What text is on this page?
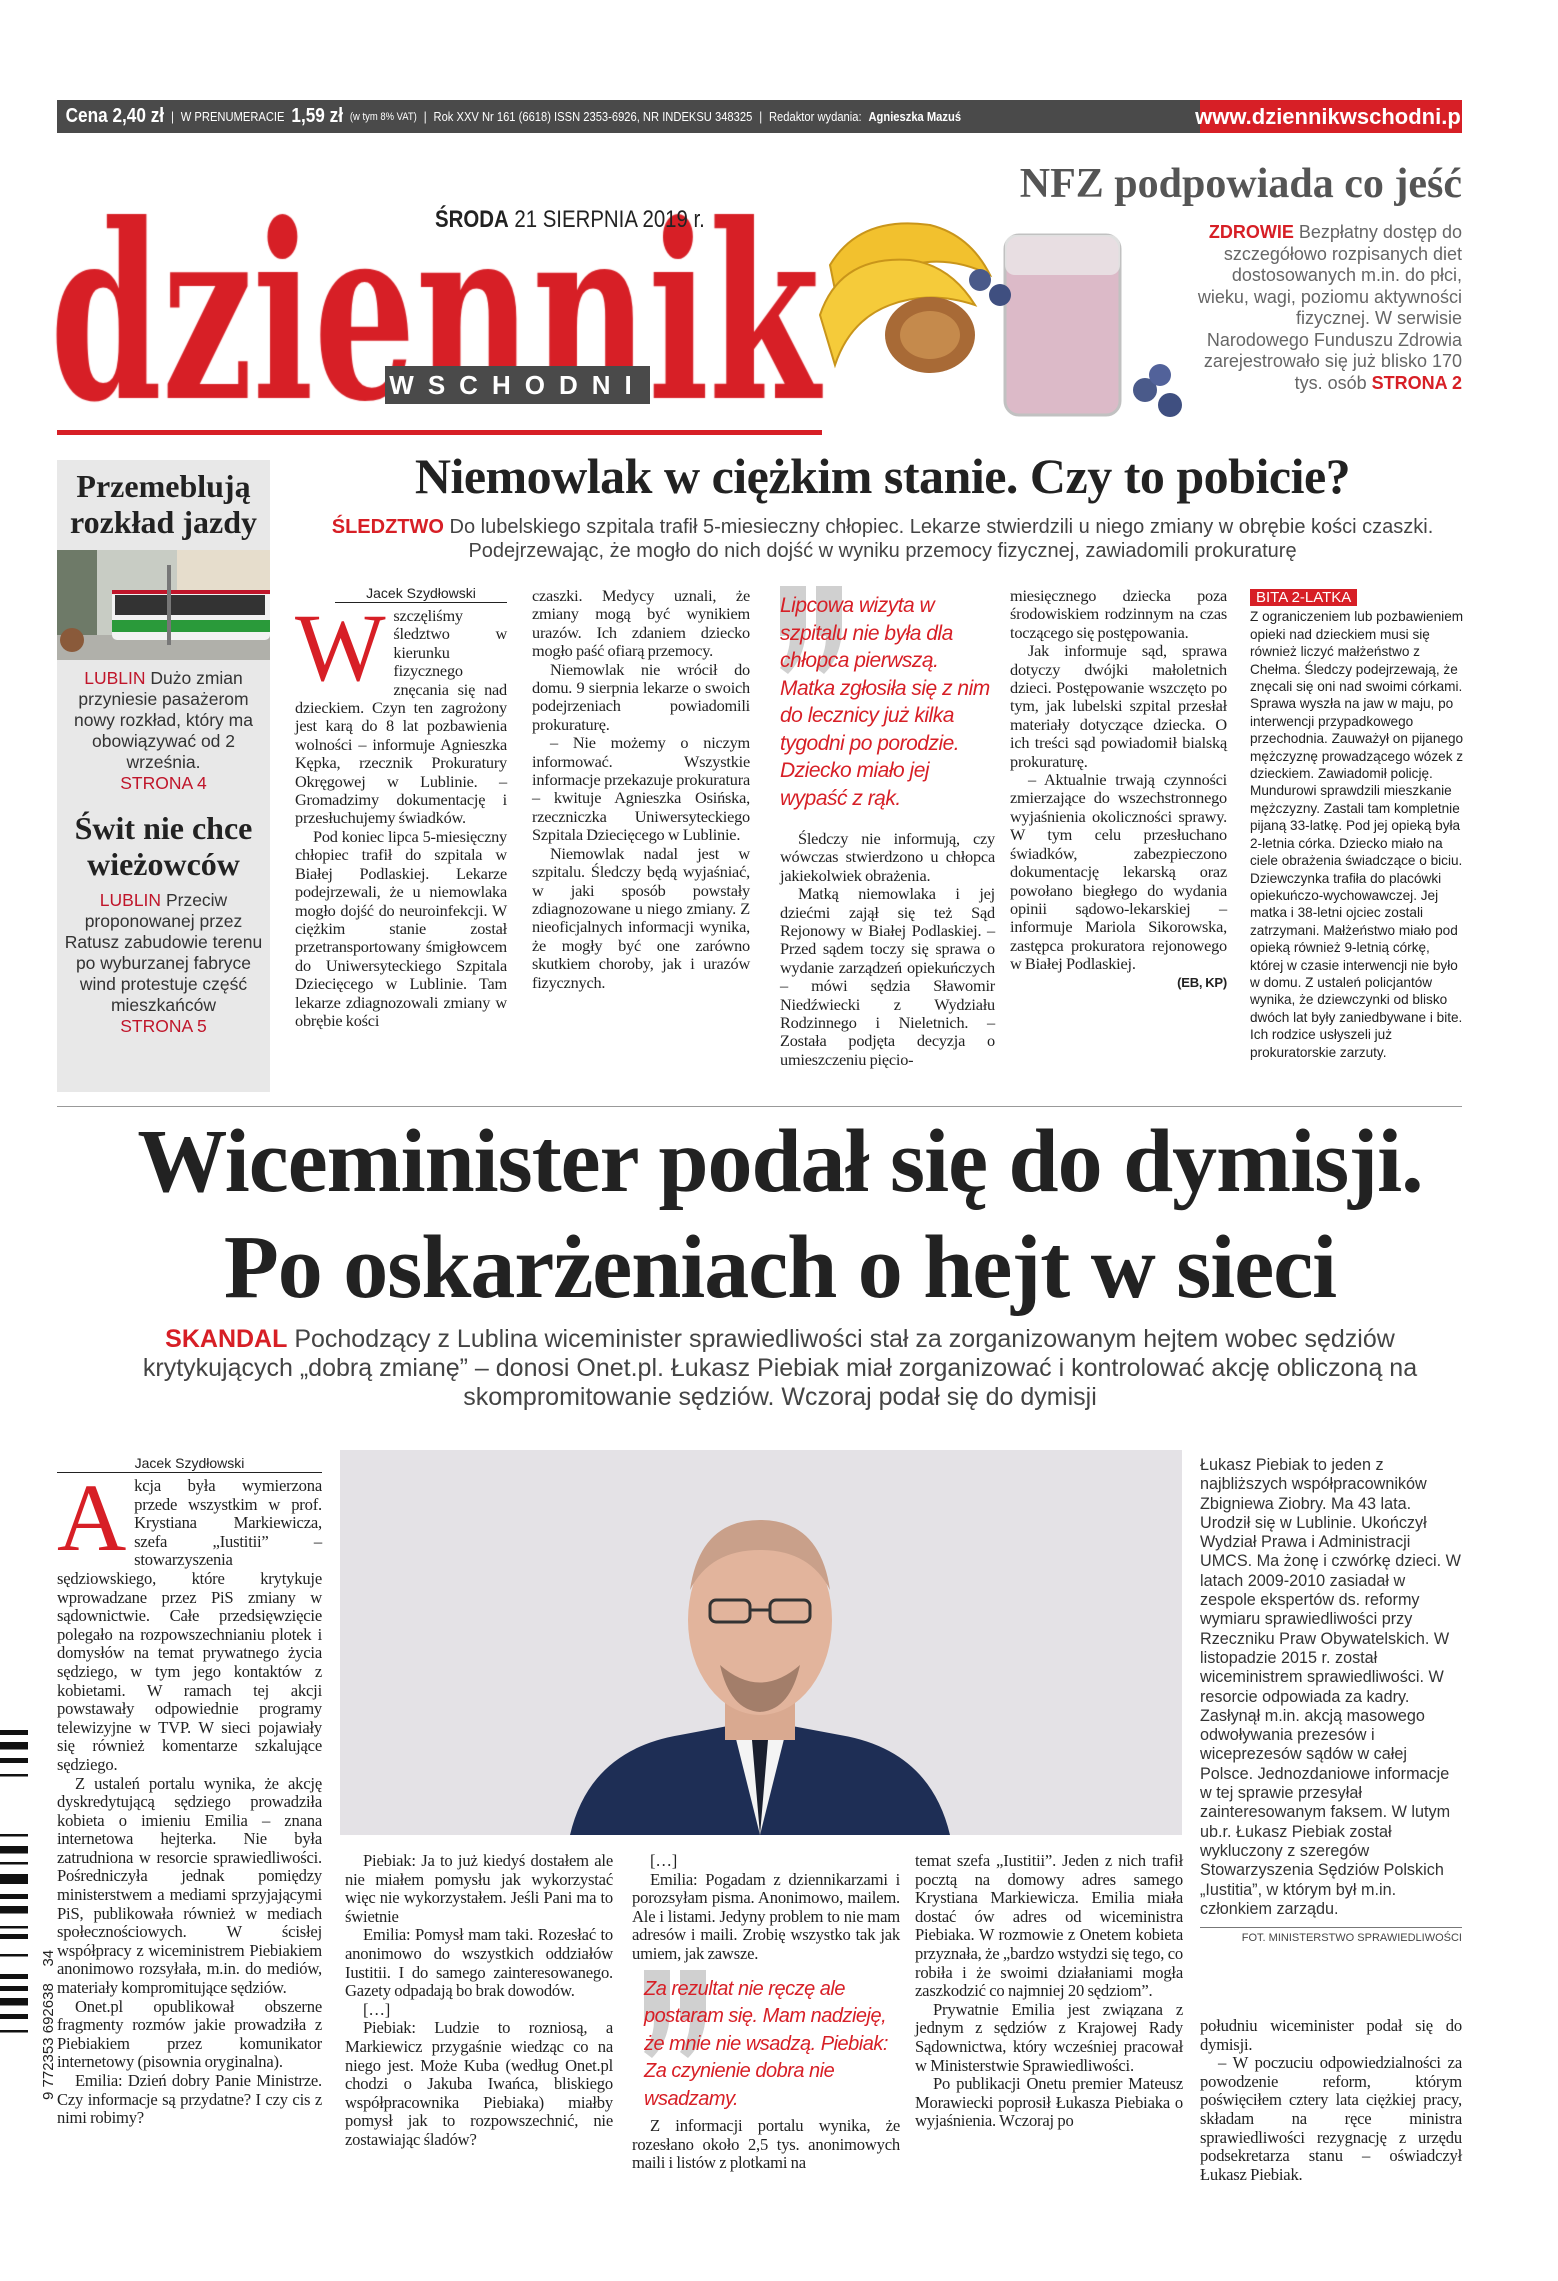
Cena 2,40 zł | W PRENUMERACIE 1,59 zł (w tym 8% VAT) | Rok XXV Nr 161 (6618) ISSN 2353-6926, NR INDEKSU 348325 | Redaktor wydania: Agnieszka Mazuś	www.dziennikwschodni.pl
WSCHODNI
ŚRODA 21 SIERPNIA 2019 r.
NFZ podpowiada co jeść
ZDROWIE Bezpłatny dostęp do szczegółowo rozpisanych diet dostosowanych m.in. do płci, wieku, wagi, poziomu aktywności fizycznej. W serwisie Narodowego Funduszu Zdrowia zarejestrowało się już blisko 170 tys. osób STRONA 2
Przemeblują rozkład jazdy
LUBLIN Dużo zmian przyniesie pasażerom nowy rozkład, który ma obowiązywać od 2 września.
STRONA 4
Świt nie chce wieżowców
LUBLIN Przeciw proponowanej przez Ratusz zabudowie terenu po wyburzanej fabryce wind protestuje część mieszkańców
STRONA 5
Niemowlak w ciężkim stanie. Czy to pobicie?
ŚLEDZTWO Do lubelskiego szpitala trafił 5-miesieczny chłopiec. Lekarze stwierdzili u niego zmiany w obrębie kości czaszki. Podejrzewając, że mogło do nich dojść w wyniku przemocy fizycznej, zawiadomili prokuraturę
Jacek Szydłowski
W szczęliśmy śledztwo w kierunku fizycznego znęcania się nad dzieckiem. Czyn ten zagrożony jest karą do 8 lat pozbawienia wolności – informuje Agnieszka Kępka, rzecznik Prokuratury Okręgowej w Lublinie. – Gromadzimy dokumentację i przesłuchujemy świadków.

Pod koniec lipca 5-miesięczny chłopiec trafił do szpitala w Białej Podlaskiej. Lekarze podejrzewali, że u niemowlaka mogło dojść do neuroinfekcji. W ciężkim stanie został przetransportowany śmigłowcem do Uniwersyteckiego Szpitala Dziecięcego w Lublinie. Tam lekarze zdiagnozowali zmiany w obrębie kości

czaszki. Medycy uznali, że zmiany mogą być wynikiem urazów. Ich zdaniem dziecko mogło paść ofiarą przemocy.

Niemowlak nie wrócił do domu. 9 sierpnia lekarze o swoich podejrzeniach powiadomili prokuraturę.

– Nie możemy o niczym informować. Wszystkie informacje przekazuje prokuratura – kwituje Agnieszka Osińska, rzeczniczka Uniwersyteckiego Szpitala Dziecięcego w Lublinie.

Niemowlak nadal jest w szpitalu. Śledczy będą wyjaśniać, w jaki sposób powstały zdiagnozowane u niego zmiany. Z nieoficjalnych informacji wynika, że mogły być one zarówno skutkiem choroby, jak i urazów fizycznych.

Lipcowa wizyta w szpitalu nie była dla chłopca pierwszą. Matka zgłosiła się z nim do lecznicy już kilka tygodni po porodzie. Dziecko miało jej wypaść z rąk.

Śledczy nie informują, czy wówczas stwierdzono u chłopca jakiekolwiek obrażenia.

Matką niemowlaka i jej dziećmi zajął się też Sąd Rejonowy w Białej Podlaskiej. – Przed sądem toczy się sprawa o wydanie zarządzeń opiekuńczych – mówi sędzia Sławomir Niedźwiecki z Wydziału Rodzinnego i Nieletnich. – Została podjęta decyzja o umieszczeniu pięcio-

miesięcznego dziecka poza środowiskiem rodzinnym na czas toczącego się postępowania.

Jak informuje sąd, sprawa dotyczy dwójki małoletnich dzieci. Postępowanie wszczęto po tym, jak lubelski szpital przesłał materiały dotyczące dziecka. O ich treści sąd powiadomił bialską prokuraturę.

– Aktualnie trwają czynności zmierzające do wszechstronnego wyjaśnienia okoliczności sprawy. W tym celu przesłuchano świadków, zabezpieczono dokumentację lekarską oraz powołano biegłego do wydania opinii sądowo-lekarskiej – informuje Mariola Sikorowska, zastępca prokuratora rejonowego w Białej Podlaskiej.

(EB, KP)
BITA 2-LATKA
Z ograniczeniem lub pozbawieniem opieki nad dzieckiem musi się również liczyć małżeństwo z Chełma. Śledczy podejrzewają, że znęcali się oni nad swoimi córkami. Sprawa wyszła na jaw w maju, po interwencji przypadkowego przechodnia. Zauważył on pijanego mężczyznę prowadzącego wózek z dzieckiem. Zawiadomił policję. Mundurowi sprawdzili mieszkanie mężczyzny. Zastali tam kompletnie pijaną 33-latkę. Pod jej opieką była 2-letnia córka. Dziecko miało na ciele obrażenia świadczące o biciu. Dziewczynka trafiła do placówki opiekuńczo-wychowawczej. Jej matka i 38-letni ojciec zostali zatrzymani. Małżeństwo miało pod opieką również 9-letnią córkę, której w czasie interwencji nie było w domu. Z ustaleń policjantów wynika, że dziewczynki od blisko dwóch lat były zaniedbywane i bite. Ich rodzice usłyszeli już prokuratorskie zarzuty.
Wiceminister podał się do dymisji.
Po oskarżeniach o hejt w sieci
SKANDAL Pochodzący z Lublina wiceminister sprawiedliwości stał za zorganizowanym hejtem wobec sędziów krytykujących „dobrą zmianę” – donosi Onet.pl. Łukasz Piebiak miał zorganizować i kontrolować akcję obliczoną na skompromitowanie sędziów. Wczoraj podał się do dymisji
Jacek Szydłowski
A kcja była wymierzona przede wszystkim w prof. Krystiana Markiewicza, szefa „Iustitii” – stowarzyszenia sędziowskiego, które krytykuje wprowadzane przez PiS zmiany w sądownictwie. Całe przedsięwzięcie polegało na rozpowszechnianiu plotek i domysłów na temat prywatnego życia sędziego, w tym jego kontaktów z kobietami. W ramach tej akcji powstawały odpowiednie programy telewizyjne w TVP. W sieci pojawiały się również komentarze szkalujące sędziego.

Z ustaleń portalu wynika, że akcję dyskredytującą sędziego prowadziła kobieta o imieniu Emilia – znana internetowa hejterka. Nie była zatrudniona w resorcie sprawiedliwości. Pośredniczyła jednak pomiędzy ministerstwem a mediami sprzyjającymi PiS, publikowała również w mediach społecznościowych. W ścisłej współpracy z wiceministrem Piebiakiem anonimowo rozsyłała, m.in. do mediów, materiały kompromitujące sędziów.

Onet.pl opublikował obszerne fragmenty rozmów jakie prowadziła z Piebiakiem przez komunikator internetowy (pisownia oryginalna).

Emilia: Dzień dobry Panie Ministrze. Czy informacje są przydatne? I czy cis z nimi robimy?

Piebiak: Ja to już kiedyś dostałem ale nie miałem pomysłu jak wykorzystać więc nie wykorzystałem. Jeśli Pani ma to świetnie

Emilia: Pomysł mam taki. Rozesłać to anonimowo do wszystkich oddziałów Iustitii. I do samego zainteresowanego. Gazety odpadają bo brak dowodów.

[…]

Piebiak: Ludzie to rozniosą, a Markiewicz przygaśnie wiedząc co na niego jest. Może Kuba (według Onet.pl chodzi o Jakuba Iwańca, bliskiego współpracownika Piebiaka) miałby pomysł jak to rozpowszechnić, nie zostawiając śladów?

[…]

Emilia: Pogadam z dziennikarzami i porozsyłam pisma. Anonimowo, mailem. Ale i listami. Jedyny problem to nie mam adresów i maili. Zrobię wszystko tak jak umiem, jak zawsze.

Za rezultat nie ręczę ale postaram się. Mam nadzieję, że mnie nie wsadzą. Piebiak: Za czynienie dobra nie wsadzamy.

Z informacji portalu wynika, że rozesłano około 2,5 tys. anonimowych maili i listów z plotkami na

temat szefa „Iustitii”. Jeden z nich trafił pocztą na domowy adres samego Krystiana Markiewicza. Emilia miała dostać ów adres od wiceministra Piebiaka. W rozmowie z Onetem kobieta przyznała, że „bardzo wstydzi się tego, co robiła i że swoimi działaniami mogła zaszkodzić co najmniej 20 sędziom”.

Prywatnie Emilia jest związana z jednym z sędziów z Krajowej Rady Sądownictwa, który wcześniej pracował w Ministerstwie Sprawiedliwości.

Po publikacji Onetu premier Mateusz Morawiecki poprosił Łukasza Piebiaka o wyjaśnienia. Wczoraj po

Łukasz Piebiak to jeden z najbliższych współpracowników Zbigniewa Ziobry. Ma 43 lata. Urodził się w Lublinie. Ukończył Wydział Prawa i Administracji UMCS. Ma żonę i czwórkę dzieci. W latach 2009-2010 zasiadał w zespole ekspertów ds. reformy wymiaru sprawiedliwości przy Rzeczniku Praw Obywatelskich. W listopadzie 2015 r. został wiceministrem sprawiedliwości. W resorcie odpowiada za kadry. Zasłynął m.in. akcją masowego odwoływania prezesów i wiceprezesów sądów w całej Polsce. Jednozdaniowe informacje w tej sprawie przesyłał zainteresowanym faksem. W lutym ub.r. Łukasz Piebiak został wykluczony z szeregów Stowarzyszenia Sędziów Polskich „Iustitia”, w którym był m.in. członkiem zarządu.
FOT. MINISTERSTWO SPRAWIEDLIWOŚCI

południu wiceminister podał się do dymisji.

– W poczuciu odpowiedzialności za powodzenie reform, którym poświęciłem cztery lata ciężkiej pracy, składam na ręce ministra sprawiedliwości rezygnację z urzędu podsekretarza stanu – oświadczył Łukasz Piebiak.

9 772353 692638    34
